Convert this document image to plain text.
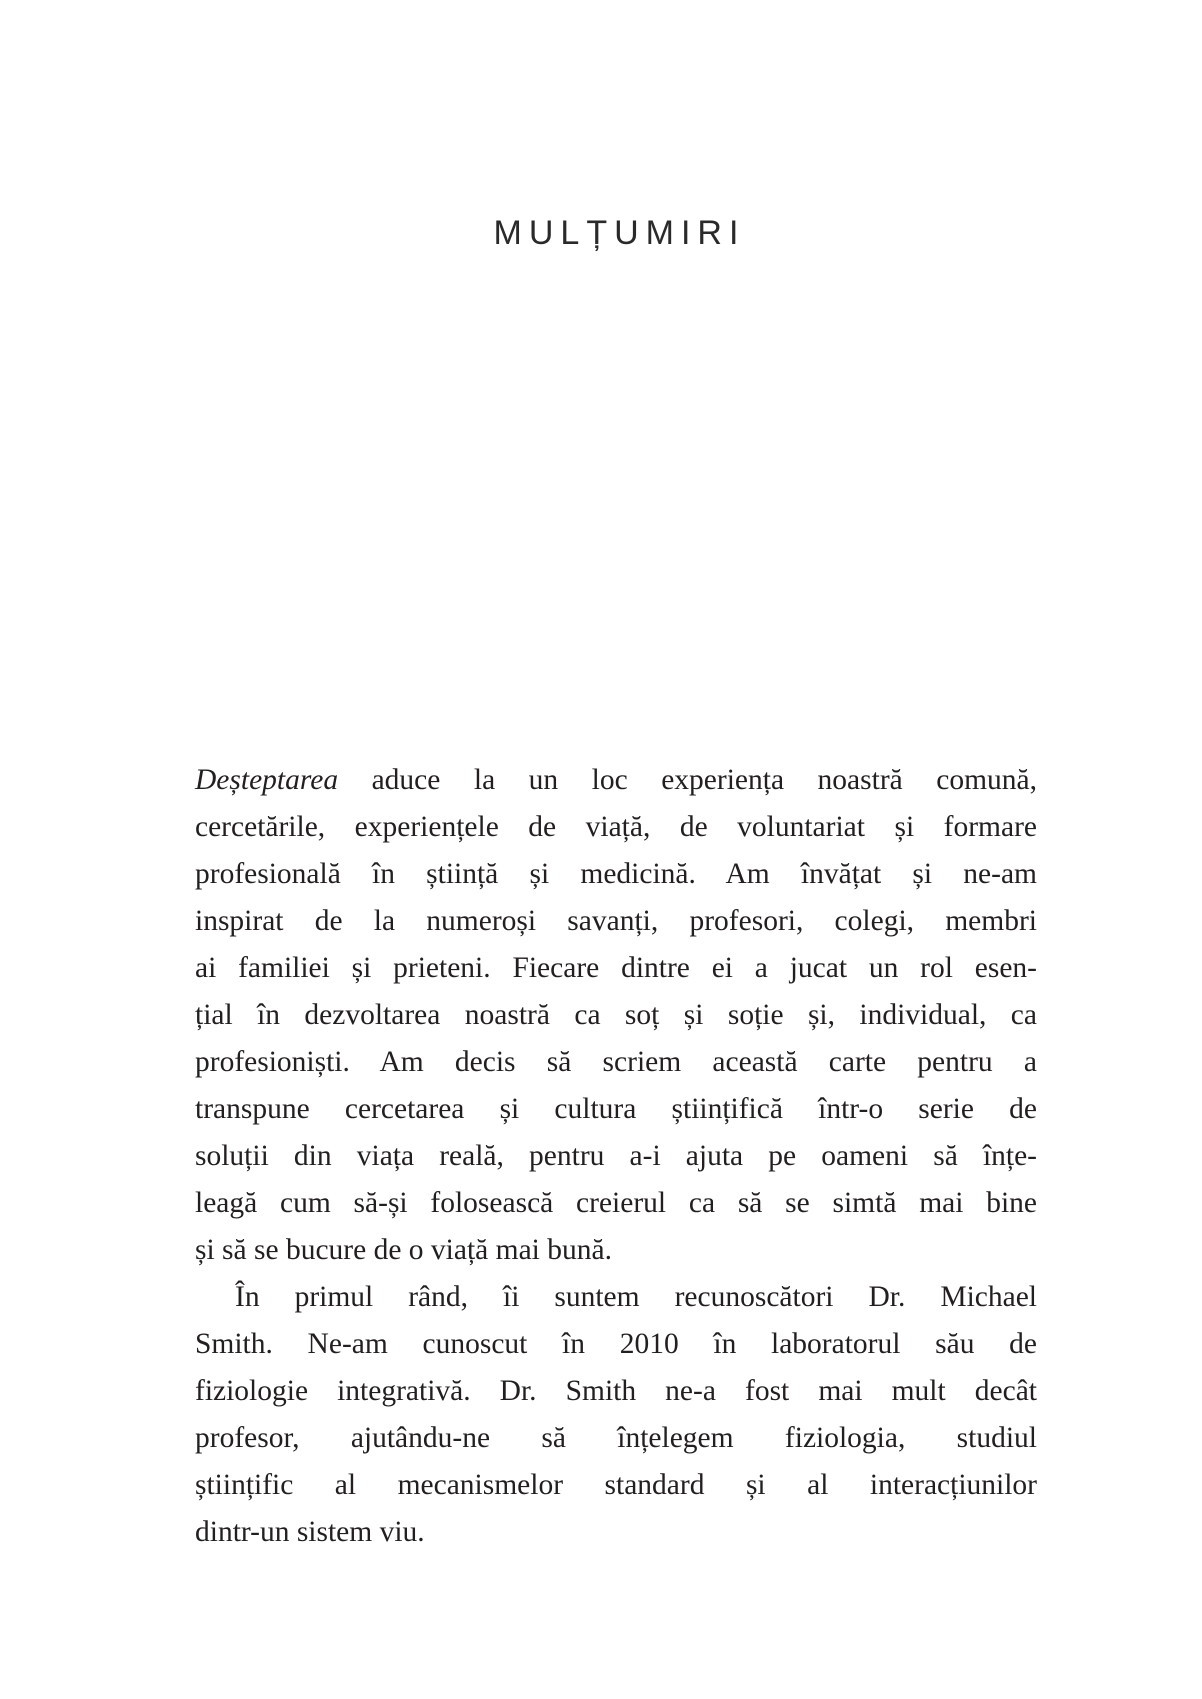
MULȚUMIRI

Deșteptarea aduce la un loc experiența noastră comună,
cercetările, experiențele de viață, de voluntariat și formare
profesională în știință și medicină. Am învățat și ne-am
inspirat de la numeroși savanți, profesori, colegi, membri
ai familiei și prieteni. Fiecare dintre ei a jucat un rol esen-
țial în dezvoltarea noastră ca soț și soție și, individual, ca
profesioniști. Am decis să scriem această carte pentru a
transpune cercetarea și cultura științifică într-o serie de
soluții din viața reală, pentru a-i ajuta pe oameni să înțe-
leagă cum să-și folosească creierul ca să se simtă mai bine
și să se bucure de o viață mai bună.

În primul rând, îi suntem recunoscători Dr. Michael
Smith. Ne-am cunoscut în 2010 în laboratorul său de
fiziologie integrativă. Dr. Smith ne-a fost mai mult decât
profesor, ajutându-ne să înțelegem fiziologia, studiul
științific al mecanismelor standard și al interacțiunilor
dintr-un sistem viu.
